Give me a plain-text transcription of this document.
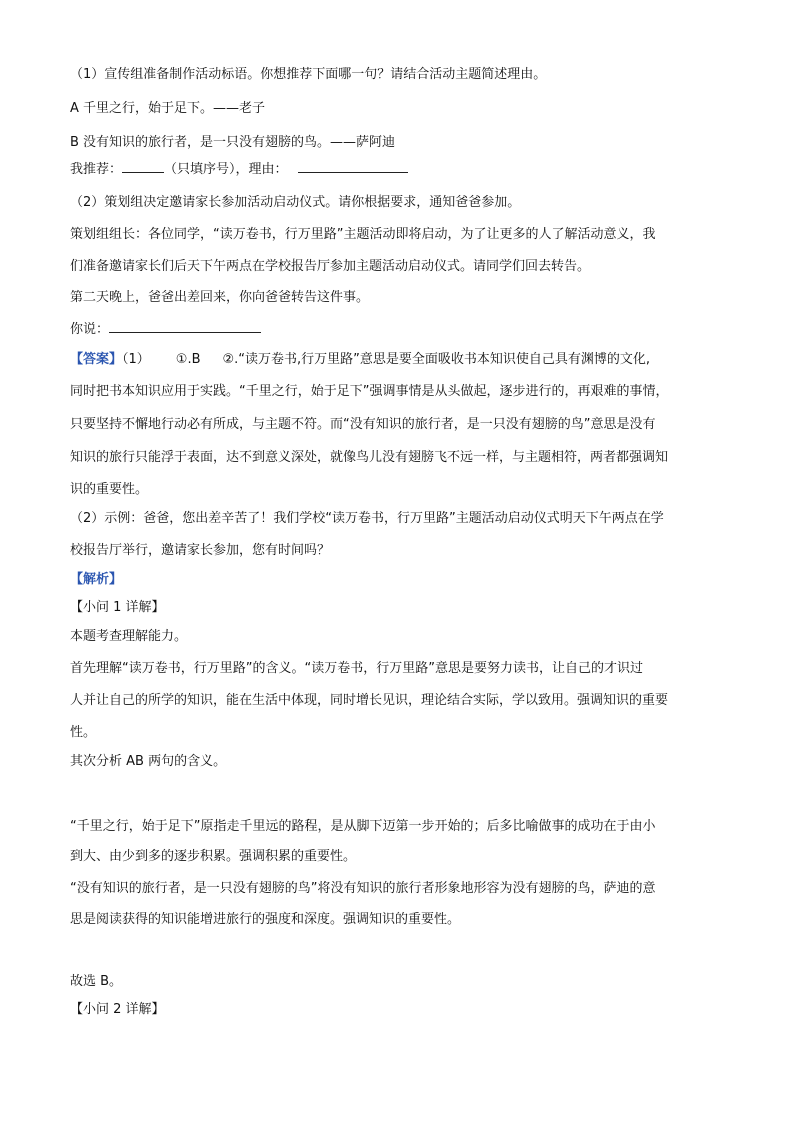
（1）宣传组准备制作活动标语。你想推荐下面哪一句？请结合活动主题简述理由。
A 千里之行，始于足下。——老子
B 没有知识的旅行者，是一只没有翅膀的鸟。——萨阿迪
我推荐：	（只填序号），理由：
（2）策划组决定邀请家长参加活动启动仪式。请你根据要求，通知爸爸参加。
策划组组长：各位同学，“读万卷书，行万里路”主题活动即将启动，为了让更多的人了解活动意义，我
们准备邀请家长们后天下午两点在学校报告厅参加主题活动启动仪式。请同学们回去转告。
第二天晚上，爸爸出差回来，你向爸爸转告这件事。
你说：
【答案】（1） ①.B ②.“读万卷书,行万里路”意思是要全面吸收书本知识使自己具有渊博的文化,
同时把书本知识应用于实践。“千里之行，始于足下”强调事情是从头做起，逐步进行的，再艰难的事情，
只要坚持不懈地行动必有所成，与主题不符。而“没有知识的旅行者，是一只没有翅膀的鸟”意思是没有
知识的旅行只能浮于表面，达不到意义深处，就像鸟儿没有翅膀飞不远一样，与主题相符，两者都强调知
识的重要性。
（2）示例：爸爸，您出差辛苦了！我们学校“读万卷书，行万里路”主题活动启动仪式明天下午两点在学
校报告厅举行，邀请家长参加，您有时间吗？
【解析】
【小问 1 详解】
本题考查理解能力。
首先理解“读万卷书，行万里路”的含义。“读万卷书，行万里路”意思是要努力读书，让自己的才识过
人并让自己的所学的知识，能在生活中体现，同时增长见识，理论结合实际，学以致用。强调知识的重要
性。
其次分析 AB 两句的含义。
“千里之行，始于足下”原指走千里远的路程，是从脚下迈第一步开始的；后多比喻做事的成功在于由小
到大、由少到多的逐步积累。强调积累的重要性。
“没有知识的旅行者，是一只没有翅膀的鸟”将没有知识的旅行者形象地形容为没有翅膀的鸟，萨迪的意
思是阅读获得的知识能增进旅行的强度和深度。强调知识的重要性。
故选 B。
【小问 2 详解】
